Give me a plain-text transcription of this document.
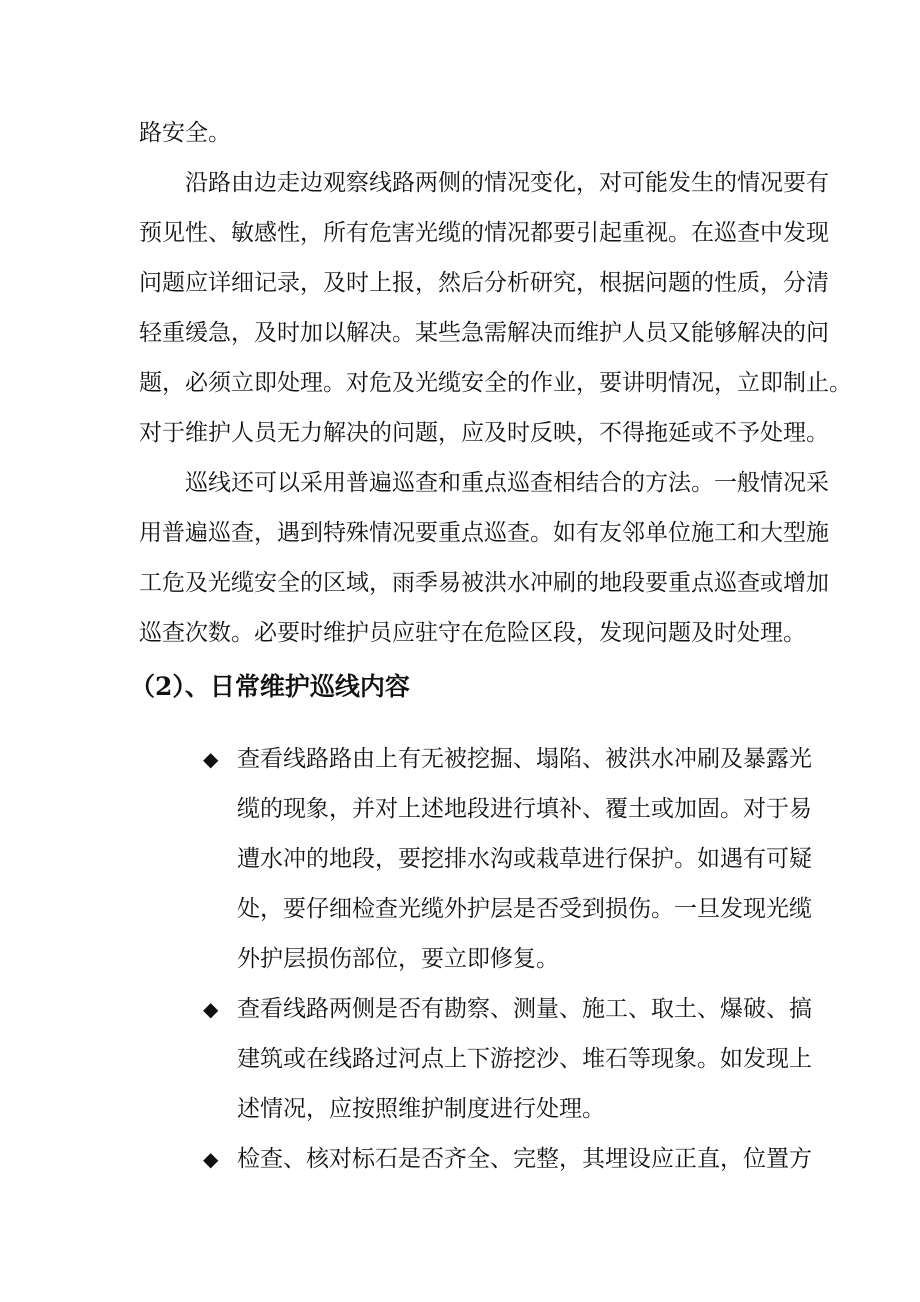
路安全。
沿路由边走边观察线路两侧的情况变化，对可能发生的情况要有
预见性、敏感性，所有危害光缆的情况都要引起重视。在巡查中发现
问题应详细记录，及时上报，然后分析研究，根据问题的性质，分清
轻重缓急，及时加以解决。某些急需解决而维护人员又能够解决的问
题，必须立即处理。对危及光缆安全的作业，要讲明情况，立即制止。
对于维护人员无力解决的问题，应及时反映，不得拖延或不予处理。
巡线还可以采用普遍巡查和重点巡查相结合的方法。一般情况采
用普遍巡查，遇到特殊情况要重点巡查。如有友邻单位施工和大型施
工危及光缆安全的区域，雨季易被洪水冲刷的地段要重点巡查或增加
巡查次数。必要时维护员应驻守在危险区段，发现问题及时处理。
（2）、日常维护巡线内容
◆ 查看线路路由上有无被挖掘、塌陷、被洪水冲刷及暴露光
缆的现象，并对上述地段进行填补、覆土或加固。对于易
遭水冲的地段，要挖排水沟或栽草进行保护。如遇有可疑
处，要仔细检查光缆外护层是否受到损伤。一旦发现光缆
外护层损伤部位，要立即修复。
◆ 查看线路两侧是否有勘察、测量、施工、取土、爆破、搞
建筑或在线路过河点上下游挖沙、堆石等现象。如发现上
述情况，应按照维护制度进行处理。
◆ 检查、核对标石是否齐全、完整，其埋设应正直，位置方
